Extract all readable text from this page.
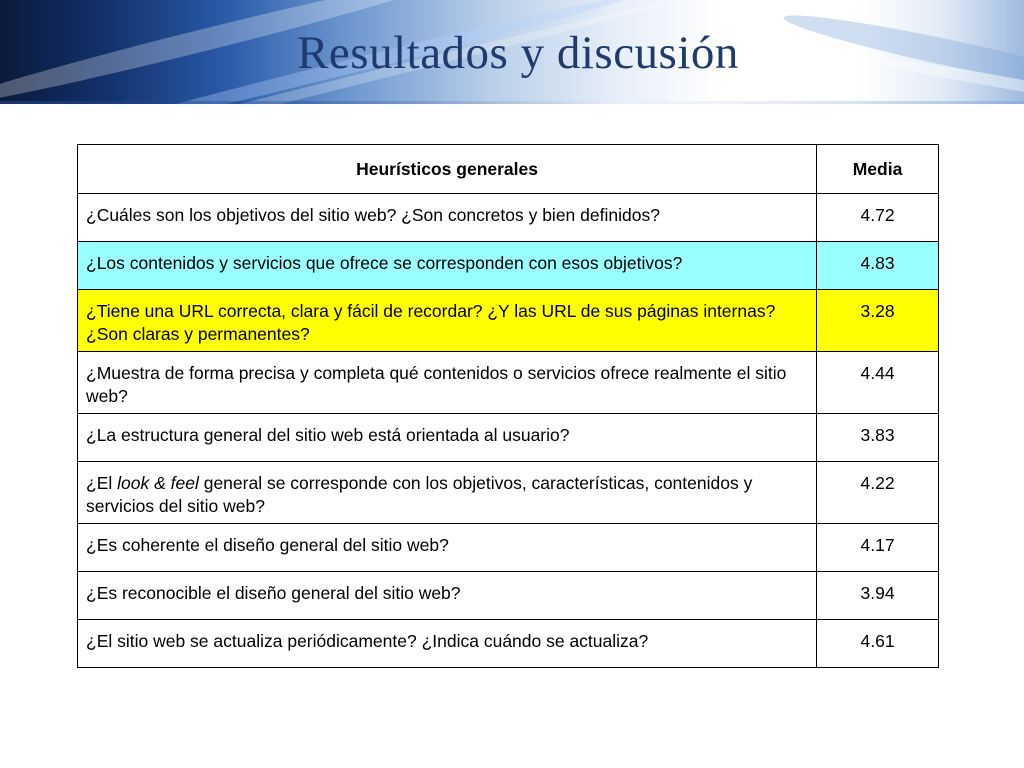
Resultados y discusión
Heurísticos generales	Media
¿Cuáles son los objetivos del sitio web? ¿Son concretos y bien definidos?	4.72
¿Los contenidos y servicios que ofrece se corresponden con esos objetivos?	4.83
¿Tiene una URL correcta, clara y fácil de recordar? ¿Y las URL de sus páginas internas? ¿Son claras y permanentes?	3.28
¿Muestra de forma precisa y completa qué contenidos o servicios ofrece realmente el sitio web?	4.44
¿La estructura general del sitio web está orientada al usuario?	3.83
¿El look & feel general se corresponde con los objetivos, características, contenidos y servicios del sitio web?	4.22
¿Es coherente el diseño general del sitio web?	4.17
¿Es reconocible el diseño general del sitio web?	3.94
¿El sitio web se actualiza periódicamente? ¿Indica cuándo se actualiza?	4.61
